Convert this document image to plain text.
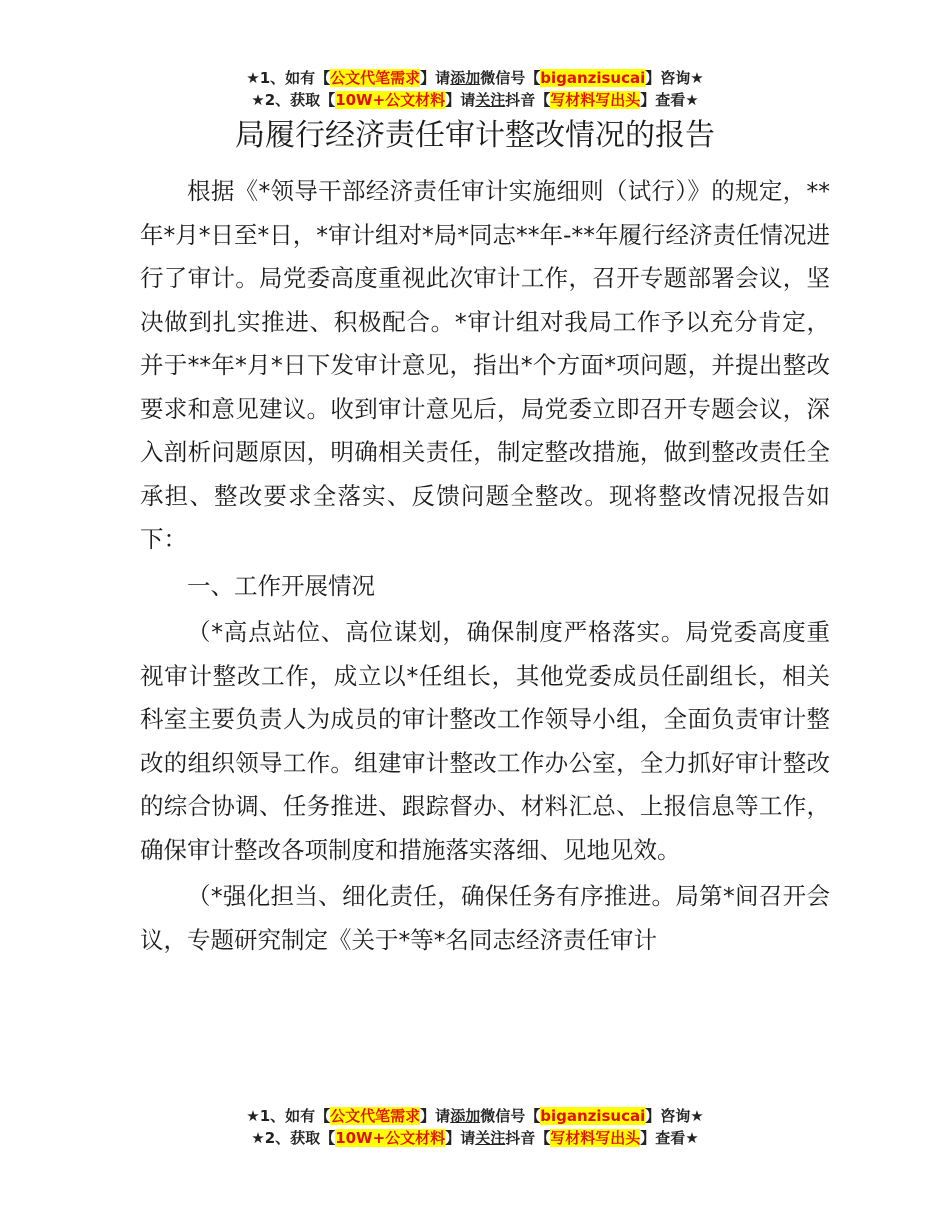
★1、如有【公文代笔需求】请添加微信号【biganzisucai】咨询★
★2、获取【10W+公文材料】请关注抖音【写材料写出头】查看★
局履行经济责任审计整改情况的报告

根据《*领导干部经济责任审计实施细则（试行）》的规定，**年*月*日至*日，*审计组对*局*同志**年-**年履行经济责任情况进行了审计。局党委高度重视此次审计工作，召开专题部署会议，坚决做到扎实推进、积极配合。*审计组对我局工作予以充分肯定，并于**年*月*日下发审计意见，指出*个方面*项问题，并提出整改要求和意见建议。收到审计意见后，局党委立即召开专题会议，深入剖析问题原因，明确相关责任，制定整改措施，做到整改责任全承担、整改要求全落实、反馈问题全整改。现将整改情况报告如下：

一、工作开展情况

（*高点站位、高位谋划，确保制度严格落实。局党委高度重视审计整改工作，成立以*任组长，其他党委成员任副组长，相关科室主要负责人为成员的审计整改工作领导小组，全面负责审计整改的组织领导工作。组建审计整改工作办公室，全力抓好审计整改的综合协调、任务推进、跟踪督办、材料汇总、上报信息等工作，确保审计整改各项制度和措施落实落细、见地见效。

（*强化担当、细化责任，确保任务有序推进。局第*间召开会议，专题研究制定《关于*等*名同志经济责任审计

★1、如有【公文代笔需求】请添加微信号【biganzisucai】咨询★
★2、获取【10W+公文材料】请关注抖音【写材料写出头】查看★
